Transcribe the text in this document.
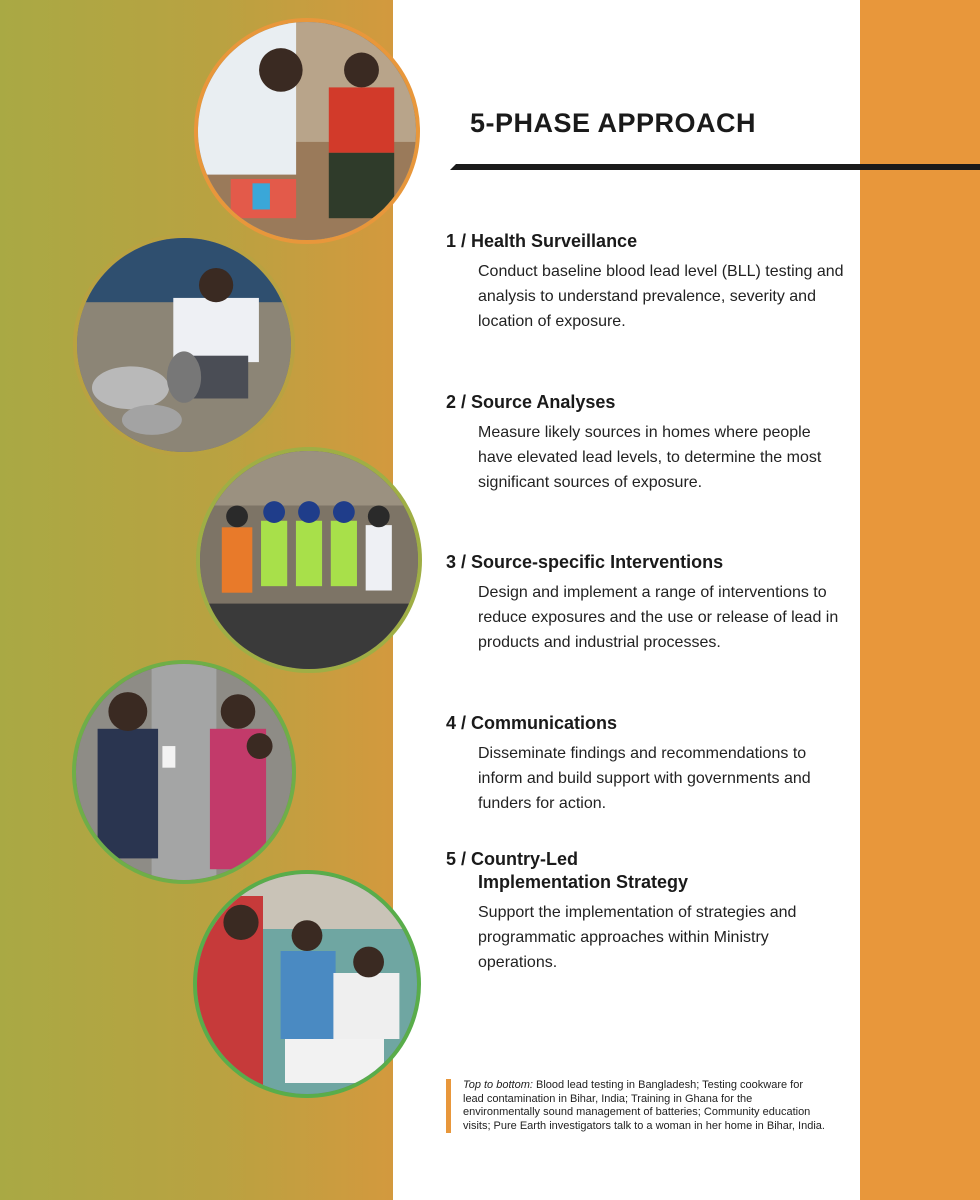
5-PHASE APPROACH
1 / Health Surveillance
Conduct baseline blood lead level (BLL) testing and analysis to understand prevalence, severity and location of exposure.
2 / Source Analyses
Measure likely sources in homes where people have elevated lead levels, to determine the most significant sources of exposure.
3 / Source-specific Interventions
Design and implement a range of interventions to reduce exposures and the use or release of lead in products and industrial processes.
4 / Communications
Disseminate findings and recommendations to inform and build support with governments and funders for action.
5 / Country-Led
Implementation Strategy
Support the implementation of strategies and programmatic approaches within Ministry operations.
Top to bottom: Blood lead testing in Bangladesh; Testing cookware for lead contamination in Bihar, India; Training in Ghana for the environmentally sound management of batteries; Community education visits; Pure Earth investigators talk to a woman in her home in Bihar, India.
